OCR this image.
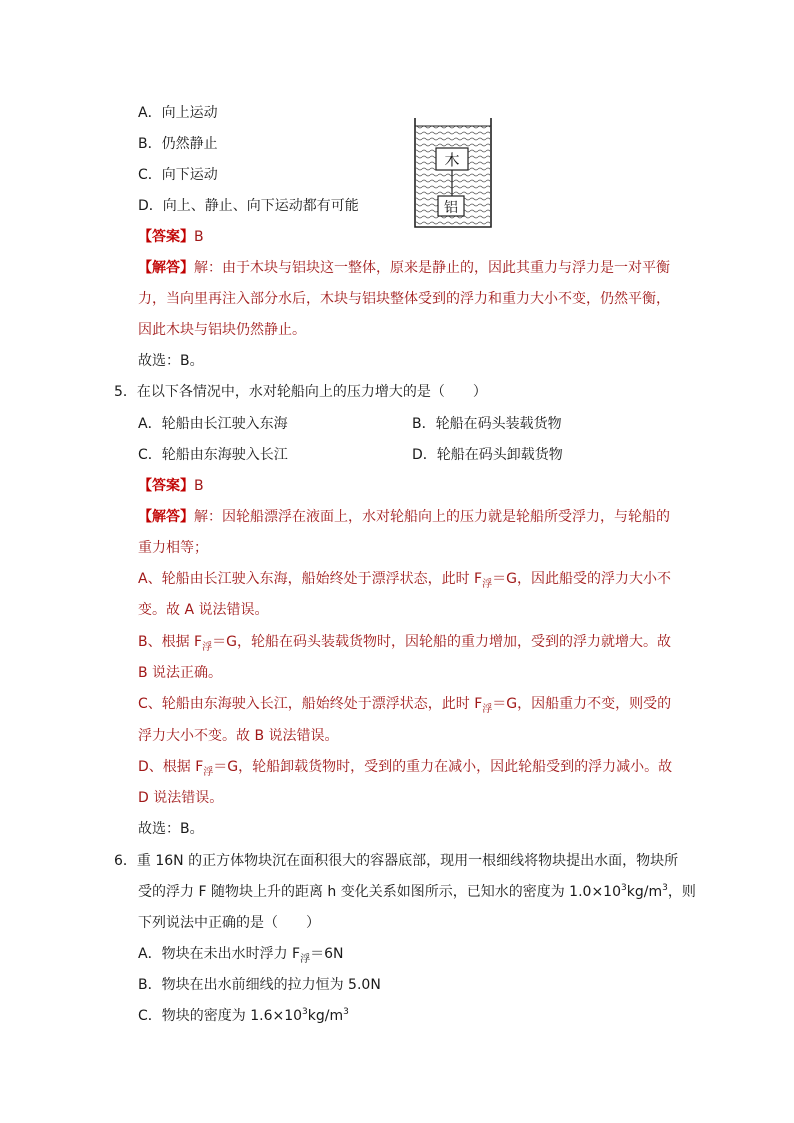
A．向上运动
B．仍然静止
C．向下运动
D．向上、静止、向下运动都有可能
木
铝
【答案】B
【解答】解：由于木块与铝块这一整体，原来是静止的，因此其重力与浮力是一对平衡
力，当向里再注入部分水后，木块与铝块整体受到的浮力和重力大小不变，仍然平衡，
因此木块与铝块仍然静止。
故选：B。
5．在以下各情况中，水对轮船向上的压力增大的是（　　）
A．轮船由长江驶入东海	B．轮船在码头装载货物
C．轮船由东海驶入长江	D．轮船在码头卸载货物
【答案】B
【解答】解：因轮船漂浮在液面上，水对轮船向上的压力就是轮船所受浮力，与轮船的
重力相等；
A、轮船由长江驶入东海，船始终处于漂浮状态，此时 $F_浮=G$，因此船受的浮力大小不
变。故 A 说法错误。
B、根据 $F_浮=G$，轮船在码头装载货物时，因轮船的重力增加，受到的浮力就增大。故
B 说法正确。
C、轮船由东海驶入长江，船始终处于漂浮状态，此时 $F_浮=G$，因船重力不变，则受的
浮力大小不变。故 B 说法错误。
D、根据 $F_浮=G$，轮船卸载货物时，受到的重力在减小，因此轮船受到的浮力减小。故
D 说法错误。
故选：B。
6．重 16N 的正方体物块沉在面积很大的容器底部，现用一根细线将物块提出水面，物块所
受的浮力 F 随物块上升的距离 h 变化关系如图所示，已知水的密度为 $1.0\times 10^3kg/m^3$，则
下列说法中正确的是（　　）
A．物块在未出水时浮力 $F_浮=6N$
B．物块在出水前细线的拉力恒为 5.0N
C．物块的密度为 $1.6\times 10^3kg/m^3$
